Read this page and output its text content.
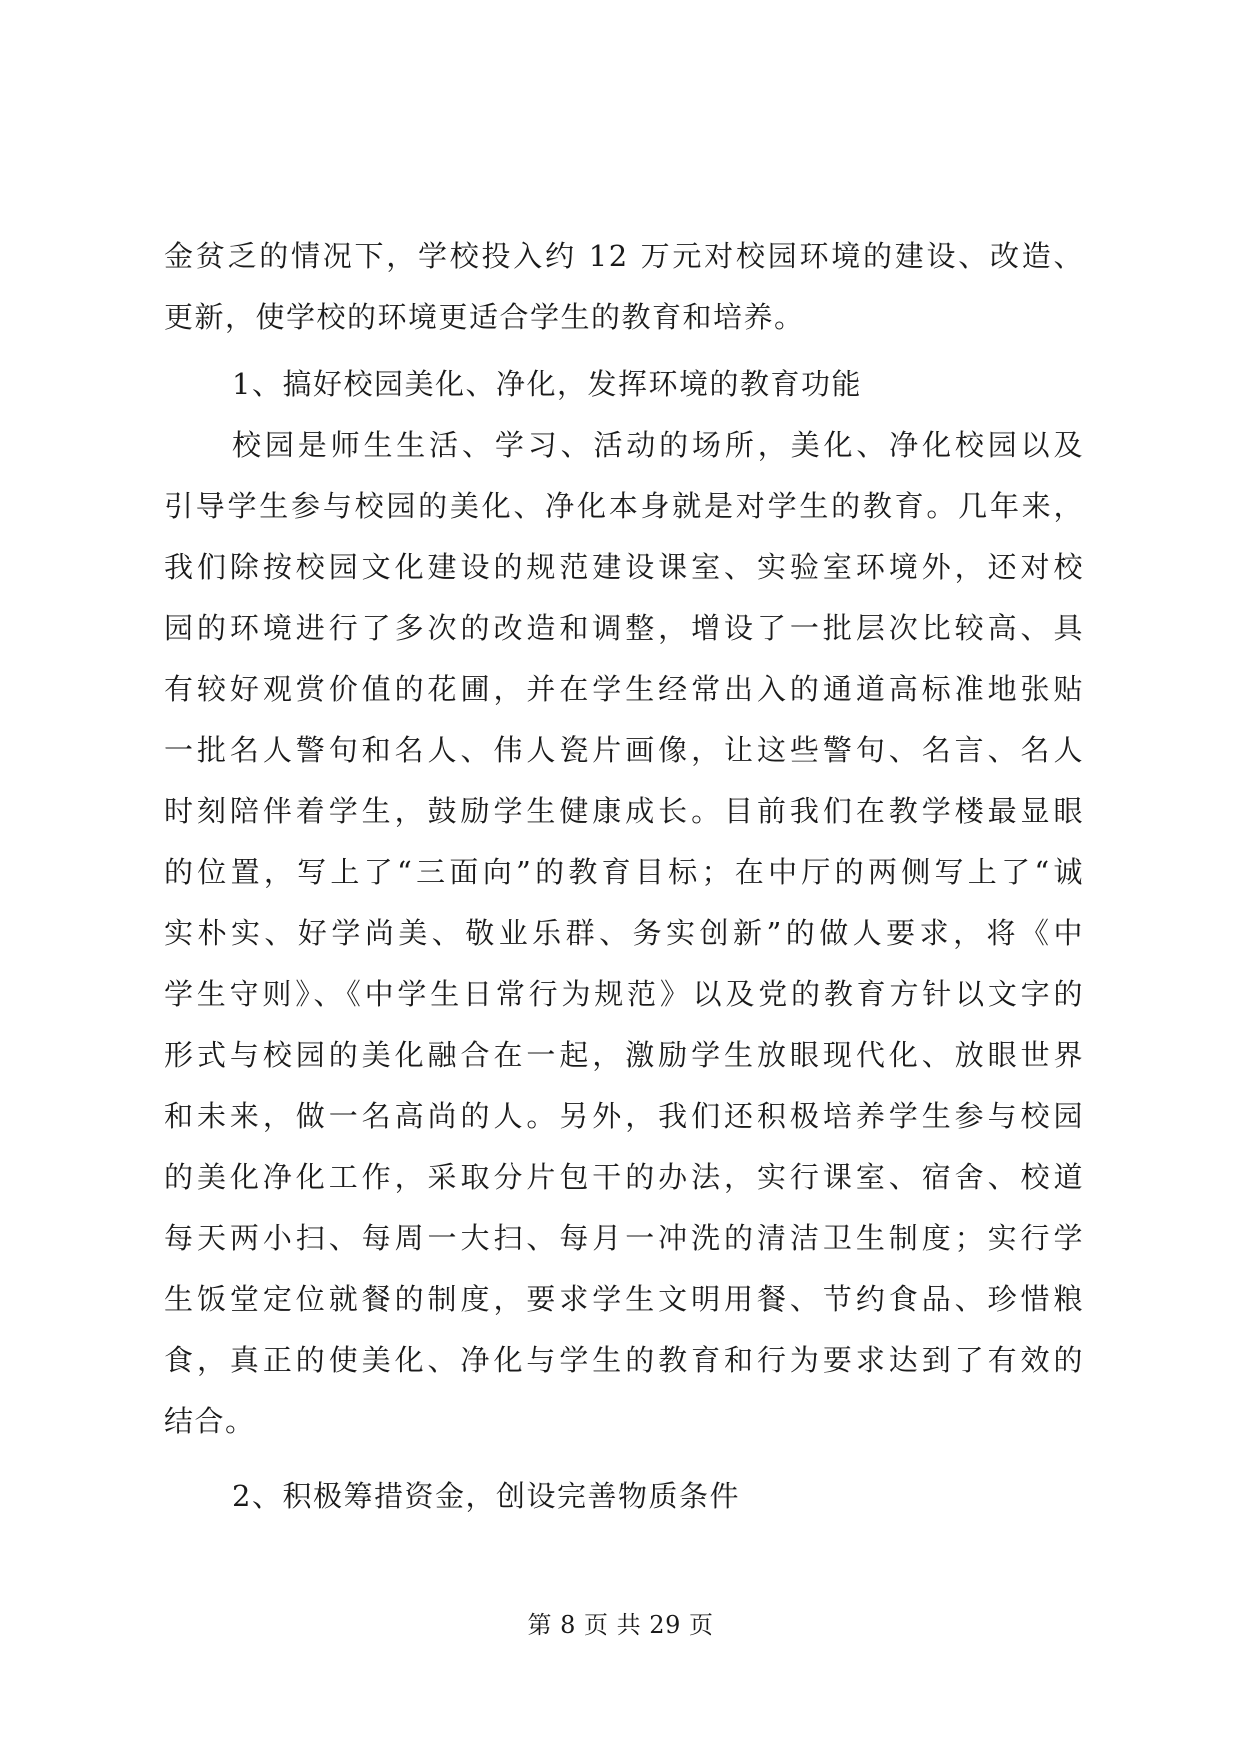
金贫乏的情况下，学校投入约 12 万元对校园环境的建设、改造、
更新，使学校的环境更适合学生的教育和培养。
1、搞好校园美化、净化，发挥环境的教育功能
校园是师生生活、学习、活动的场所，美化、净化校园以及
引导学生参与校园的美化、净化本身就是对学生的教育。几年来，
我们除按校园文化建设的规范建设课室、实验室环境外，还对校
园的环境进行了多次的改造和调整，增设了一批层次比较高、具
有较好观赏价值的花圃，并在学生经常出入的通道高标准地张贴
一批名人警句和名人、伟人瓷片画像，让这些警句、名言、名人
时刻陪伴着学生，鼓励学生健康成长。目前我们在教学楼最显眼
的位置，写上了“三面向”的教育目标；在中厅的两侧写上了“诚
实朴实、好学尚美、敬业乐群、务实创新”的做人要求，将《中
学生守则》、《中学生日常行为规范》以及党的教育方针以文字的
形式与校园的美化融合在一起，激励学生放眼现代化、放眼世界
和未来，做一名高尚的人。另外，我们还积极培养学生参与校园
的美化净化工作，采取分片包干的办法，实行课室、宿舍、校道
每天两小扫、每周一大扫、每月一冲洗的清洁卫生制度；实行学
生饭堂定位就餐的制度，要求学生文明用餐、节约食品、珍惜粮
食，真正的使美化、净化与学生的教育和行为要求达到了有效的
结合。
2、积极筹措资金，创设完善物质条件
第 8 页 共 29 页
